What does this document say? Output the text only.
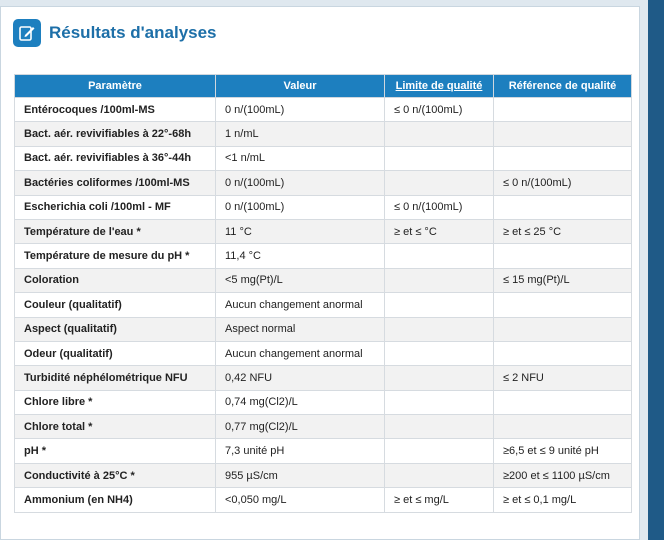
Résultats d'analyses
Paramètre	Valeur	Limite de qualité	Référence de qualité
Entérocoques /100ml-MS	0 n/(100mL)	≤ 0 n/(100mL)	
Bact. aér. revivifiables à 22°-68h	1 n/mL		
Bact. aér. revivifiables à 36°-44h	<1 n/mL		
Bactéries coliformes /100ml-MS	0 n/(100mL)		≤ 0 n/(100mL)
Escherichia coli /100ml - MF	0 n/(100mL)	≤ 0 n/(100mL)	
Température de l'eau *	11 °C	≥ et ≤ °C	≥ et ≤ 25 °C
Température de mesure du pH *	11,4 °C		
Coloration	<5 mg(Pt)/L		≤ 15 mg(Pt)/L
Couleur (qualitatif)	Aucun changement anormal		
Aspect (qualitatif)	Aspect normal		
Odeur (qualitatif)	Aucun changement anormal		
Turbidité néphélométrique NFU	0,42 NFU		≤ 2 NFU
Chlore libre *	0,74 mg(Cl2)/L		
Chlore total *	0,77 mg(Cl2)/L		
pH *	7,3 unité pH		≥6,5 et ≤ 9 unité pH
Conductivité à 25°C *	955 µS/cm		≥200 et ≤ 1100 µS/cm
Ammonium (en NH4)	<0,050 mg/L	≥ et ≤ mg/L	≥ et ≤ 0,1 mg/L
